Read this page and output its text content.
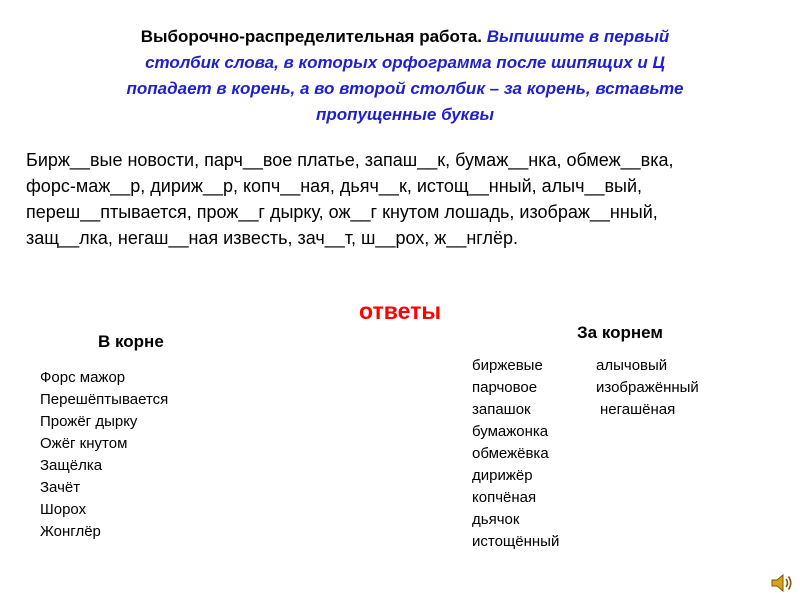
Выборочно-распределительная работа. Выпишите в первый
столбик слова, в которых орфограмма после шипящих и Ц
попадает в корень, а во второй столбик – за корень, вставьте
пропущенные буквы
Бирж__вые новости, парч__вое платье, запаш__к, бумаж__нка, обмеж__вка,
форс-маж__р, дириж__р, копч__ная, дьяч__к, истощ__нный, алыч__вый,
переш__птывается, прож__г дырку, ож__г кнутом лошадь, изображ__нный,
защ__лка, негаш__ная известь, зач__т, ш__рох, ж__нглёр.
ответы
В корне	За корнем
Форс мажор
Перешёптывается
Прожёг дырку
Ожёг кнутом
Защёлка
Зачёт
Шорох
Жонглёр
биржевые
парчовое
запашок
бумажонка
обмежёвка
дирижёр
копчёная
дьячок
истощённый
алычовый
изображённый
негашёная
